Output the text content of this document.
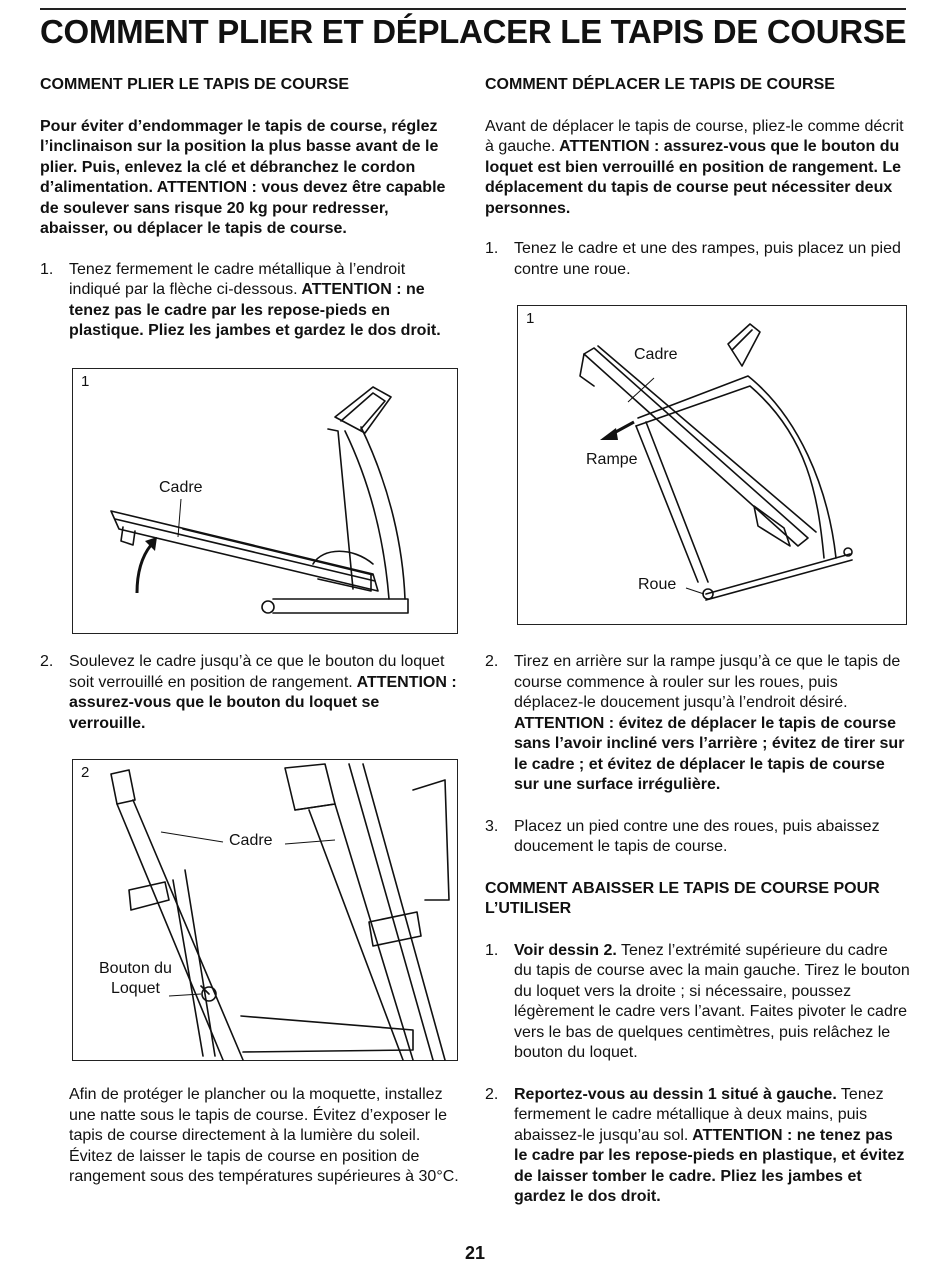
COMMENT PLIER ET DÉPLACER LE TAPIS DE COURSE
COMMENT PLIER LE TAPIS DE COURSE

Pour éviter d’endommager le tapis de course, réglez l’inclinaison sur la position la plus basse avant de le plier. Puis, enlevez la clé et débranchez le cordon d’alimentation. ATTENTION : vous devez être capable de soulever sans risque 20 kg pour redresser, abaisser, ou déplacer le tapis de course.

1. Tenez fermement le cadre métallique à l’endroit indiqué par la flèche ci-dessous. ATTENTION : ne tenez pas le cadre par les repose-pieds en plastique. Pliez les jambes et gardez le dos droit.
2. Soulevez le cadre jusqu’à ce que le bouton du loquet soit verrouillé en position de rangement. ATTENTION : assurez-vous que le bouton du loquet se verrouille.

Afin de protéger le plancher ou la moquette, installez une natte sous le tapis de course. Évitez d’exposer le tapis de course directement à la lumière du soleil. Évitez de laisser le tapis de course en position de rangement sous des températures supérieures à 30°C.

1
Cadre
2
Cadre
Bouton du
Loquet
COMMENT DÉPLACER LE TAPIS DE COURSE

Avant de déplacer le tapis de course, pliez-le comme décrit à gauche. ATTENTION : assurez-vous que le bouton du loquet est bien verrouillé en position de rangement. Le déplacement du tapis de course peut nécessiter deux personnes.

1. Tenez le cadre et une des rampes, puis placez un pied contre une roue.
1
Cadre
Rampe
Roue
2. Tirez en arrière sur la rampe jusqu’à ce que le tapis de course commence à rouler sur les roues, puis déplacez-le doucement jusqu’à l’endroit désiré. ATTENTION : évitez de déplacer le tapis de course sans l’avoir incliné vers l’arrière ; évitez de tirer sur le cadre ; et évitez de déplacer le tapis de course sur une surface irrégulière.
3. Placez un pied contre une des roues, puis abaissez doucement le tapis de course.
COMMENT ABAISSER LE TAPIS DE COURSE POUR L’UTILISER
1. Voir dessin 2. Tenez l’extrémité supérieure du cadre du tapis de course avec la main gauche. Tirez le bouton du loquet vers la droite ; si nécessaire, poussez légèrement le cadre vers l’avant. Faites pivoter le cadre vers le bas de quelques centimètres, puis relâchez le bouton du loquet.
2. Reportez-vous au dessin 1 situé à gauche. Tenez fermement le cadre métallique à deux mains, puis abaissez-le jusqu’au sol. ATTENTION : ne tenez pas le cadre par les repose-pieds en plastique, et évitez de laisser tomber le cadre. Pliez les jambes et gardez le dos droit.
21
